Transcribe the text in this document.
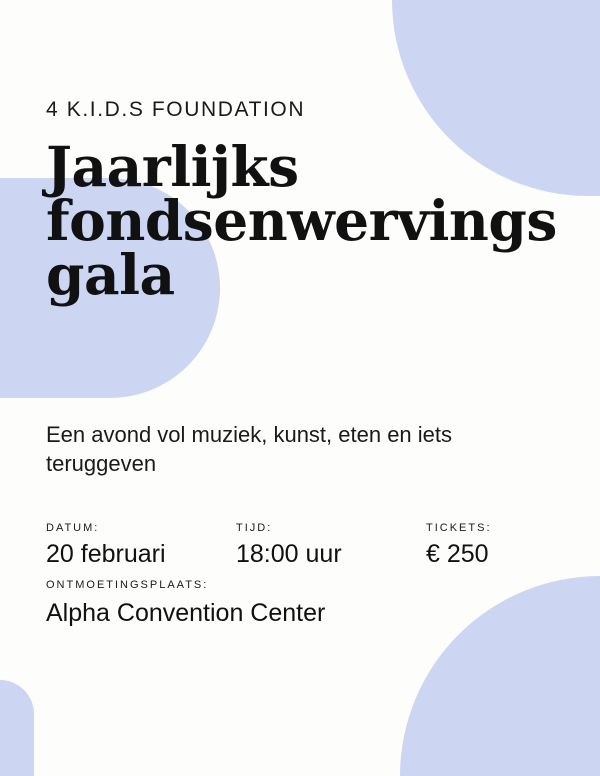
4 K.I.D.S FOUNDATION

Jaarlijks fondsenwervings gala

Een avond vol muziek, kunst, eten en iets teruggeven

DATUM:

20 februari

TIJD:

18:00 uur

TICKETS:

€ 250

ONTMOETINGSPLAATS:

Alpha Convention Center
